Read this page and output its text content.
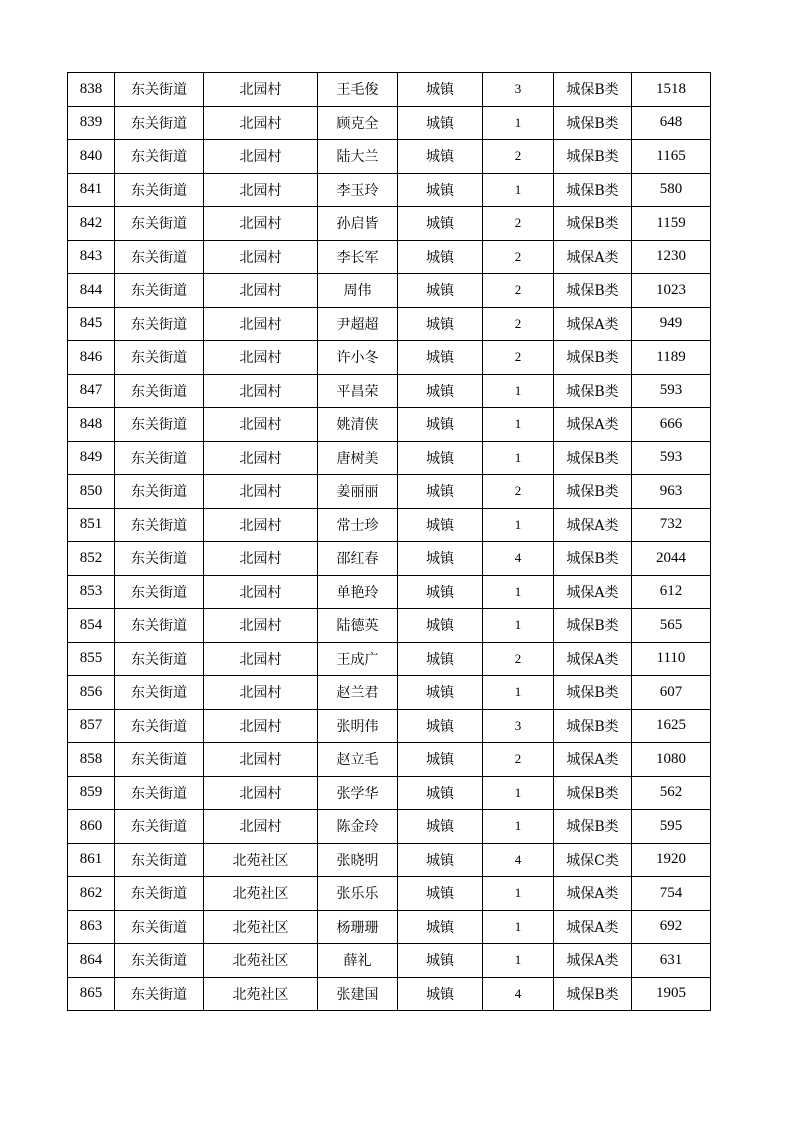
838	东关街道	北园村	王毛俊	城镇	3	城保B类	1518
839	东关街道	北园村	顾克全	城镇	1	城保B类	648
840	东关街道	北园村	陆大兰	城镇	2	城保B类	1165
841	东关街道	北园村	李玉玲	城镇	1	城保B类	580
842	东关街道	北园村	孙启皆	城镇	2	城保B类	1159
843	东关街道	北园村	李长军	城镇	2	城保A类	1230
844	东关街道	北园村	周伟	城镇	2	城保B类	1023
845	东关街道	北园村	尹超超	城镇	2	城保A类	949
846	东关街道	北园村	许小冬	城镇	2	城保B类	1189
847	东关街道	北园村	平昌荣	城镇	1	城保B类	593
848	东关街道	北园村	姚清侠	城镇	1	城保A类	666
849	东关街道	北园村	唐树美	城镇	1	城保B类	593
850	东关街道	北园村	姜丽丽	城镇	2	城保B类	963
851	东关街道	北园村	常士珍	城镇	1	城保A类	732
852	东关街道	北园村	邵红春	城镇	4	城保B类	2044
853	东关街道	北园村	单艳玲	城镇	1	城保A类	612
854	东关街道	北园村	陆德英	城镇	1	城保B类	565
855	东关街道	北园村	王成广	城镇	2	城保A类	1110
856	东关街道	北园村	赵兰君	城镇	1	城保B类	607
857	东关街道	北园村	张明伟	城镇	3	城保B类	1625
858	东关街道	北园村	赵立毛	城镇	2	城保A类	1080
859	东关街道	北园村	张学华	城镇	1	城保B类	562
860	东关街道	北园村	陈金玲	城镇	1	城保B类	595
861	东关街道	北苑社区	张晓明	城镇	4	城保C类	1920
862	东关街道	北苑社区	张乐乐	城镇	1	城保A类	754
863	东关街道	北苑社区	杨珊珊	城镇	1	城保A类	692
864	东关街道	北苑社区	薛礼	城镇	1	城保A类	631
865	东关街道	北苑社区	张建国	城镇	4	城保B类	1905
